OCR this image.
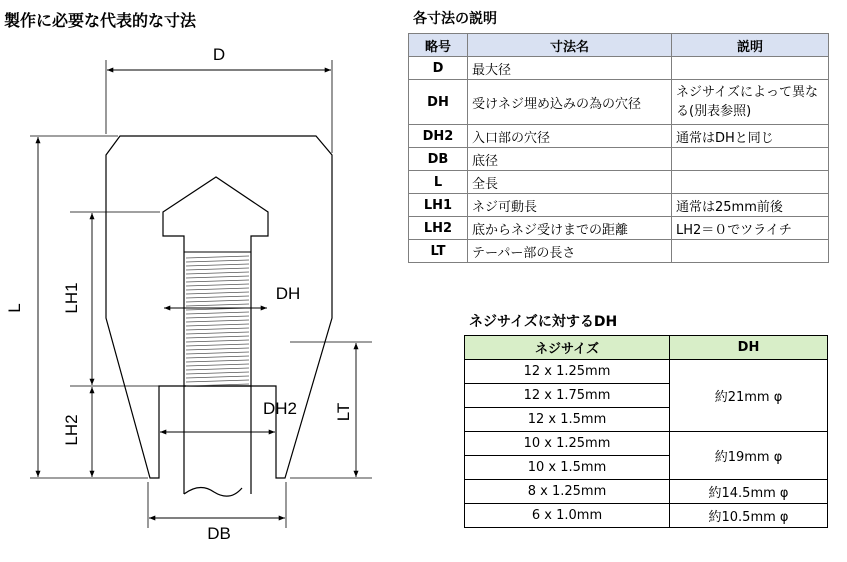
製作に必要な代表的な寸法
D
L LH1	DH
LH2
DH2 LT
DB
各寸法の説明
略号	寸法名	説明
D	最大径	
DH	受けネジ埋め込みの為の穴径	ネジサイズによって異なる(別表参照)
DH2	入口部の穴径	通常はDHと同じ
DB	底径	
L	全長	
LH1	ネジ可動長	通常は25mm前後
LH2	底からネジ受けまでの距離	LH2＝０でツライチ
LT	テーパー部の長さ	
ネジサイズに対するDH
ネジサイズ	DH
12 x 1.25mm	約21mm φ
12 x 1.75mm	
12 x 1.5mm	
10 x 1.25mm	約19mm φ
10 x 1.5mm	
8 x 1.25mm	約14.5mm φ
6 x 1.0mm	約10.5mm φ
